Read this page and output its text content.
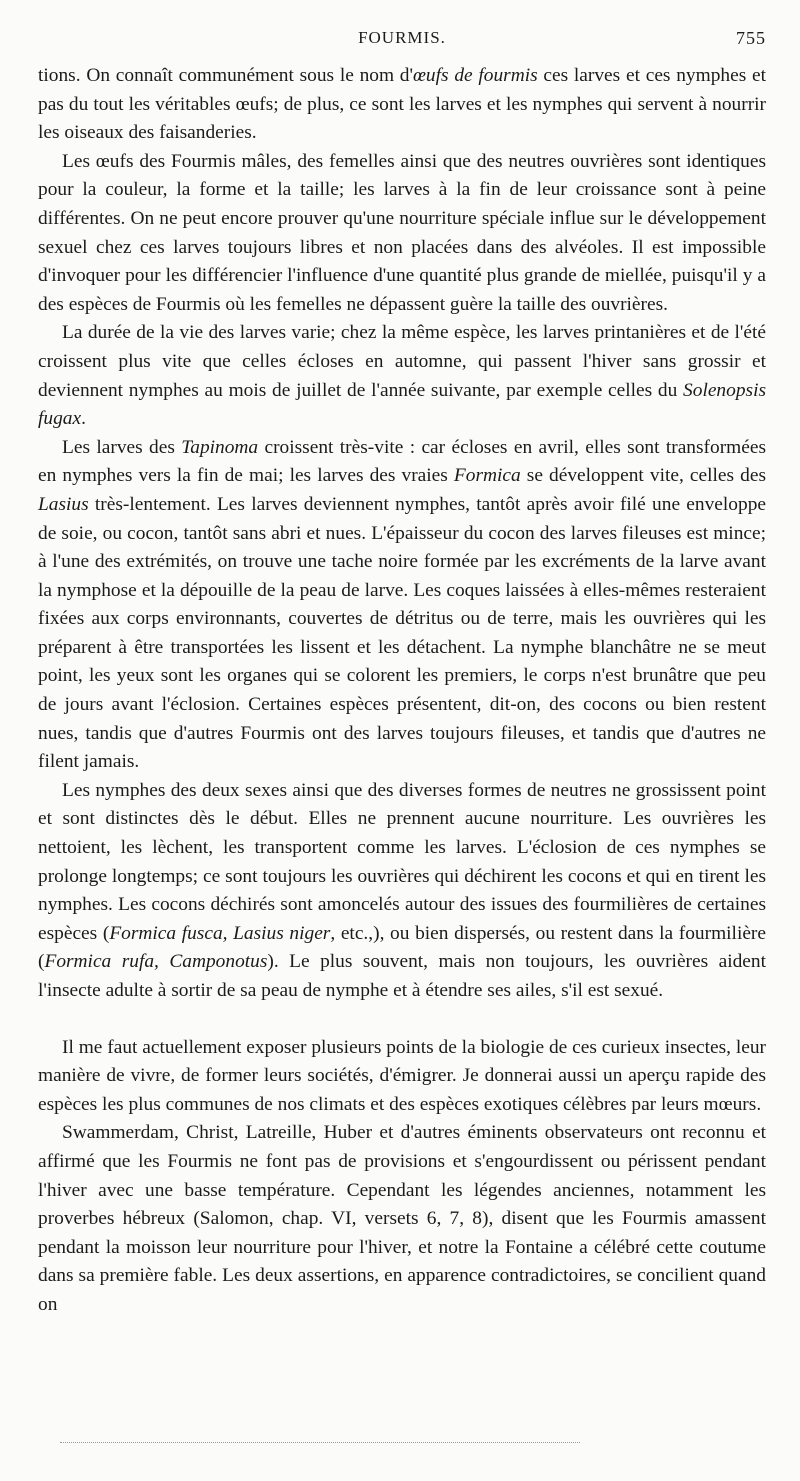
FOURMIS.	755

tions. On connaît communément sous le nom d'œufs de fourmis ces larves et ces nymphes et pas du tout les véritables œufs; de plus, ce sont les larves et les nymphes qui servent à nourrir les oiseaux des faisanderies.

Les œufs des Fourmis mâles, des femelles ainsi que des neutres ouvrières sont identiques pour la couleur, la forme et la taille; les larves à la fin de leur croissance sont à peine différentes. On ne peut encore prouver qu'une nourriture spéciale influe sur le développement sexuel chez ces larves toujours libres et non placées dans des alvéoles. Il est impossible d'invoquer pour les différencier l'influence d'une quantité plus grande de miellée, puisqu'il y a des espèces de Fourmis où les femelles ne dépassent guère la taille des ouvrières.

La durée de la vie des larves varie; chez la même espèce, les larves printanières et de l'été croissent plus vite que celles écloses en automne, qui passent l'hiver sans grossir et deviennent nymphes au mois de juillet de l'année suivante, par exemple celles du Solenopsis fugax.

Les larves des Tapinoma croissent très-vite : car écloses en avril, elles sont transformées en nymphes vers la fin de mai; les larves des vraies Formica se développent vite, celles des Lasius très-lentement. Les larves deviennent nymphes, tantôt après avoir filé une enveloppe de soie, ou cocon, tantôt sans abri et nues. L'épaisseur du cocon des larves fileuses est mince; à l'une des extrémités, on trouve une tache noire formée par les excréments de la larve avant la nymphose et la dépouille de la peau de larve. Les coques laissées à elles-mêmes resteraient fixées aux corps environnants, couvertes de détritus ou de terre, mais les ouvrières qui les préparent à être transportées les lissent et les détachent. La nymphe blanchâtre ne se meut point, les yeux sont les organes qui se colorent les premiers, le corps n'est brunâtre que peu de jours avant l'éclosion. Certaines espèces présentent, dit-on, des cocons ou bien restent nues, tandis que d'autres Fourmis ont des larves toujours fileuses, et tandis que d'autres ne filent jamais.

Les nymphes des deux sexes ainsi que des diverses formes de neutres ne grossissent point et sont distinctes dès le début. Elles ne prennent aucune nourriture. Les ouvrières les nettoient, les lèchent, les transportent comme les larves. L'éclosion de ces nymphes se prolonge longtemps; ce sont toujours les ouvrières qui déchirent les cocons et qui en tirent les nymphes. Les cocons déchirés sont amoncelés autour des issues des fourmilières de certaines espèces (Formica fusca, Lasius niger, etc.,), ou bien dispersés, ou restent dans la fourmilière (Formica rufa, Camponotus). Le plus souvent, mais non toujours, les ouvrières aident l'insecte adulte à sortir de sa peau de nymphe et à étendre ses ailes, s'il est sexué.

Il me faut actuellement exposer plusieurs points de la biologie de ces curieux insectes, leur manière de vivre, de former leurs sociétés, d'émigrer. Je donnerai aussi un aperçu rapide des espèces les plus communes de nos climats et des espèces exotiques célèbres par leurs mœurs.

Swammerdam, Christ, Latreille, Huber et d'autres éminents observateurs ont reconnu et affirmé que les Fourmis ne font pas de provisions et s'engourdissent ou périssent pendant l'hiver avec une basse température. Cependant les légendes anciennes, notamment les proverbes hébreux (Salomon, chap. VI, versets 6, 7, 8), disent que les Fourmis amassent pendant la moisson leur nourriture pour l'hiver, et notre la Fontaine a célébré cette coutume dans sa première fable. Les deux assertions, en apparence contradictoires, se concilient quand on
